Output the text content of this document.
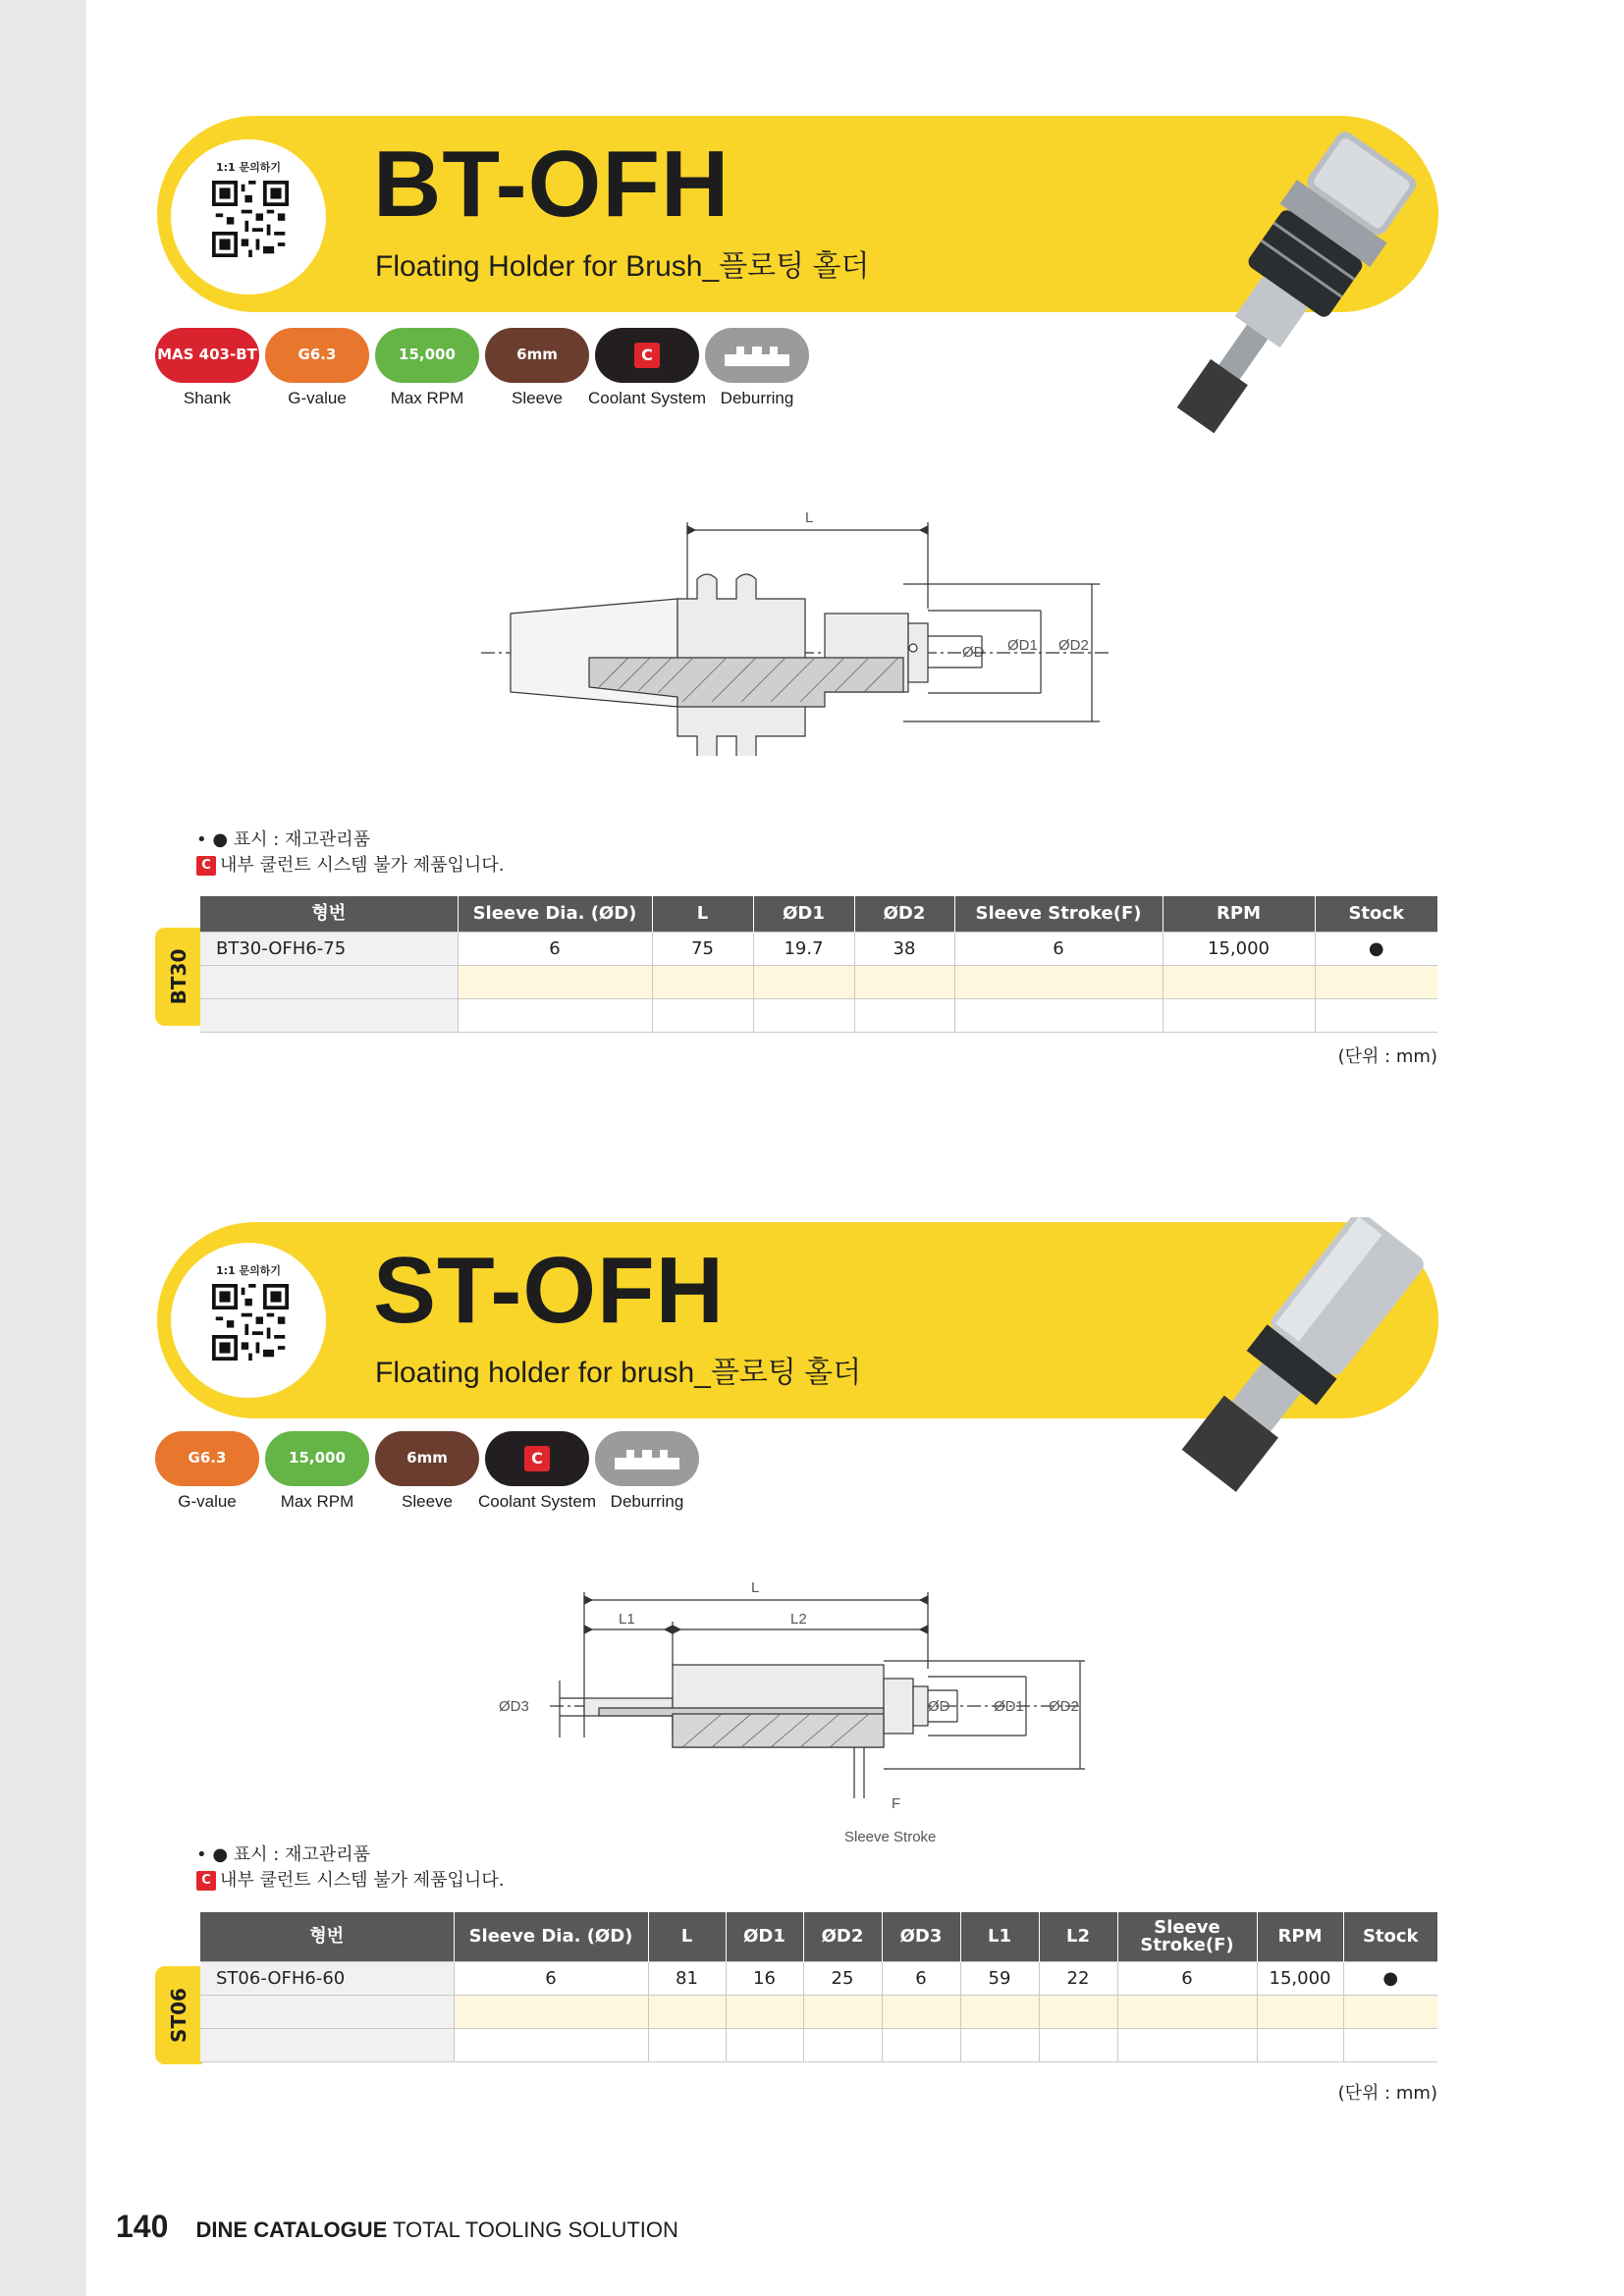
BT-OFH
Floating Holder for Brush_플로팅 홀더
1:1 문의하기
MAS 403-BT
Shank
G6.3
G-value
15,000
Max RPM
6mm
Sleeve
C
Coolant System Deburring
L
ØD ØD1 ØD2
• ● 표시 : 재고관리품
C 내부 쿨런트 시스템 불가 제품입니다.
BT30
형번	Sleeve Dia. (ØD)	L	ØD1	ØD2	Sleeve Stroke(F)	RPM	Stock
BT30-OFH6-75	6	75	19.7	38	6	15,000	●

(단위 : mm)
ST-OFH
Floating holder for brush_플로팅 홀더
1:1 문의하기
G6.3
G-value
15,000
Max RPM
6mm
Sleeve
C
Coolant System Deburring
L
L1	L2
ØD3	ØD	ØD1 ØD2
F
Sleeve Stroke
• ● 표시 : 재고관리품
C 내부 쿨런트 시스템 불가 제품입니다.
ST06
형번	Sleeve Dia. (ØD)	L	ØD1	ØD2	ØD3	L1	L2	Sleeve Stroke(F)	RPM	Stock
ST06-OFH6-60	6	81	16	25	6	59	22	6	15,000	●

(단위 : mm)
140 DINE CATALOGUE TOTAL TOOLING SOLUTION
